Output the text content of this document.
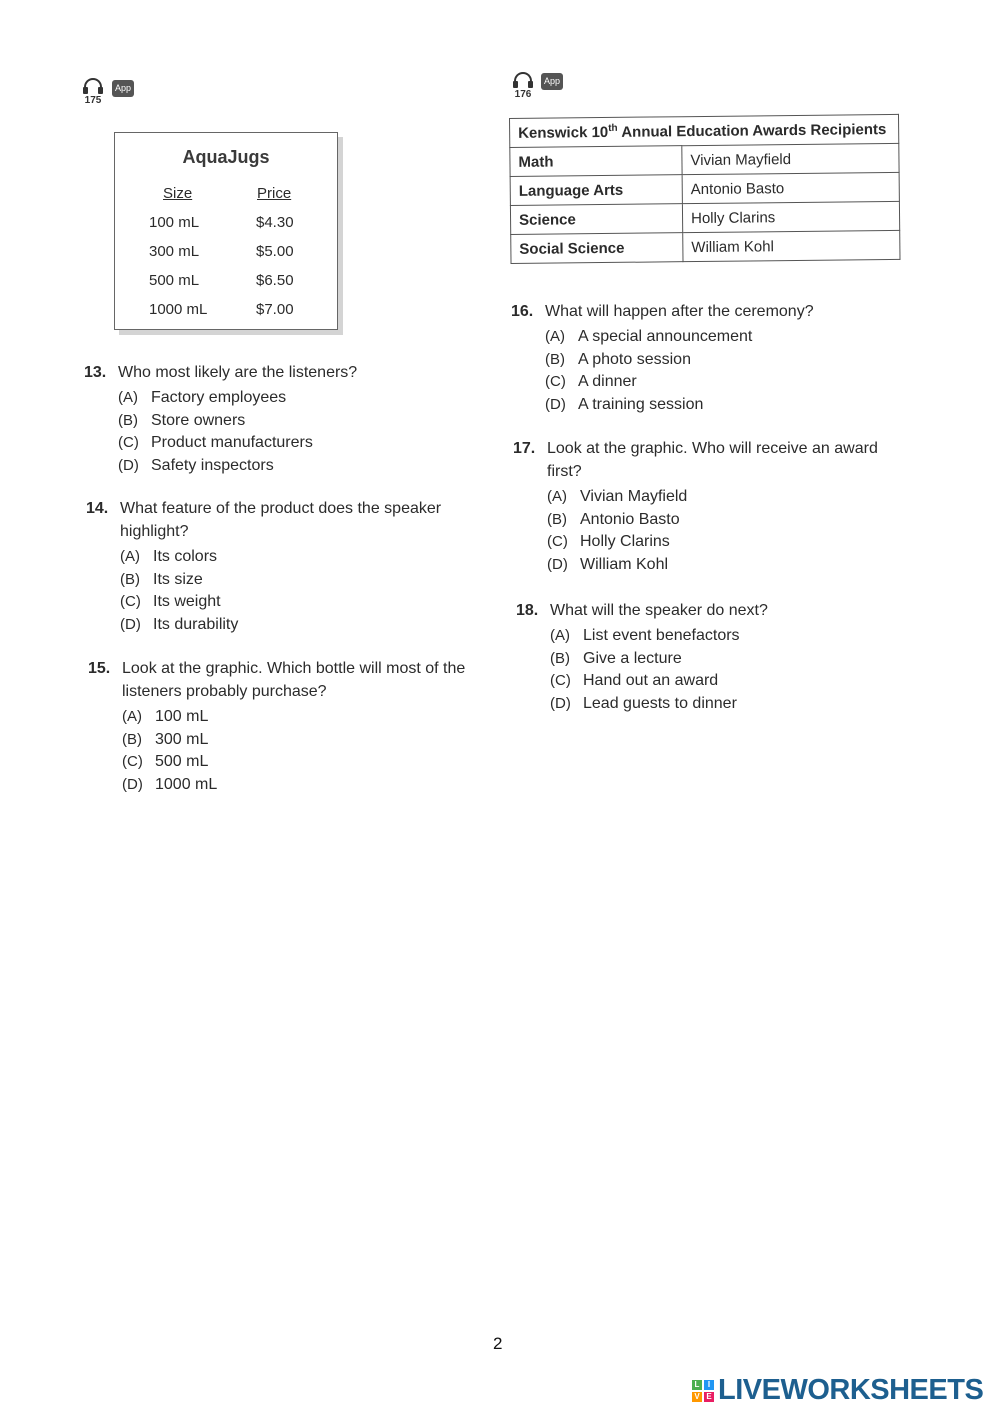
175
App
176
App
AquaJugs
Size	Price
100 mL	$4.30
300 mL	$5.00
500 mL	$6.50
1000 mL	$7.00
Kenswick 10th Annual Education Awards Recipients	
Math	Vivian Mayfield
Language Arts	Antonio Basto
Science	Holly Clarins
Social Science	William Kohl
13. Who most likely are the listeners?
(A) Factory employees
(B) Store owners
(C) Product manufacturers
(D) Safety inspectors
14. What feature of the product does the speaker highlight?
(A) Its colors
(B) Its size
(C) Its weight
(D) Its durability
15. Look at the graphic. Which bottle will most of the listeners probably purchase?
(A) 100 mL
(B) 300 mL
(C) 500 mL
(D) 1000 mL
16. What will happen after the ceremony?
(A) A special announcement
(B) A photo session
(C) A dinner
(D) A training session
17. Look at the graphic. Who will receive an award first?
(A) Vivian Mayfield
(B) Antonio Basto
(C) Holly Clarins
(D) William Kohl
18. What will the speaker do next?
(A) List event benefactors
(B) Give a lecture
(C) Hand out an award
(D) Lead guests to dinner
2
L	I
V E LIVEWORKSHEETS
